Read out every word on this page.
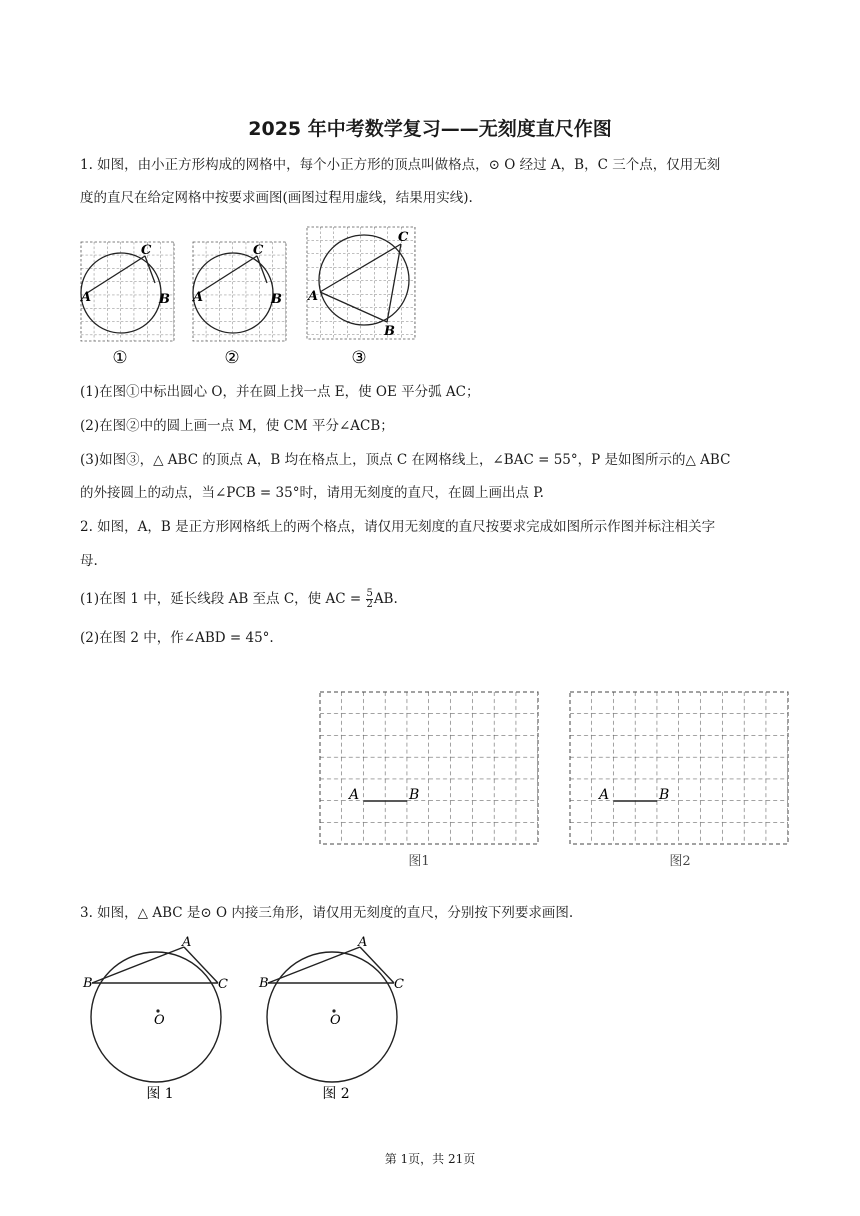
2025 年中考数学复习——无刻度直尺作图

1. 如图，由小正方形构成的网格中，每个小正方形的顶点叫做格点，⊙ O 经过 A，B，C 三个点，仅用无刻

度的直尺在给定网格中按要求画图(画图过程用虚线，结果用实线).

C
A	B
①
C
A	B
②
C
A
B
③

(1)在图①中标出圆心 O，并在圆上找一点 E，使 OE 平分弧 AC；

(2)在图②中的圆上画一点 M，使 CM 平分∠ACB；

(3)如图③，△ ABC 的顶点 A，B 均在格点上，顶点 C 在网格线上，∠BAC = 55°，P 是如图所示的△ ABC

的外接圆上的动点，当∠PCB = 35°时，请用无刻度的直尺，在圆上画出点 P.

2. 如图，A，B 是正方形网格纸上的两个格点，请仅用无刻度的直尺按要求完成如图所示作图并标注相关字

母.

(1)在图 1 中，延长线段 AB 至点 C，使 AC = $\frac{5}{2}$ AB.

(2)在图 2 中，作∠ABD = 45°.

A	B
图1
A	B
图2

3. 如图，△ ABC 是⊙ O 内接三角形，请仅用无刻度的直尺，分别按下列要求画图.

A
B	C
O
图 1
A
B	C
O
图 2
第 1页，共 21页
